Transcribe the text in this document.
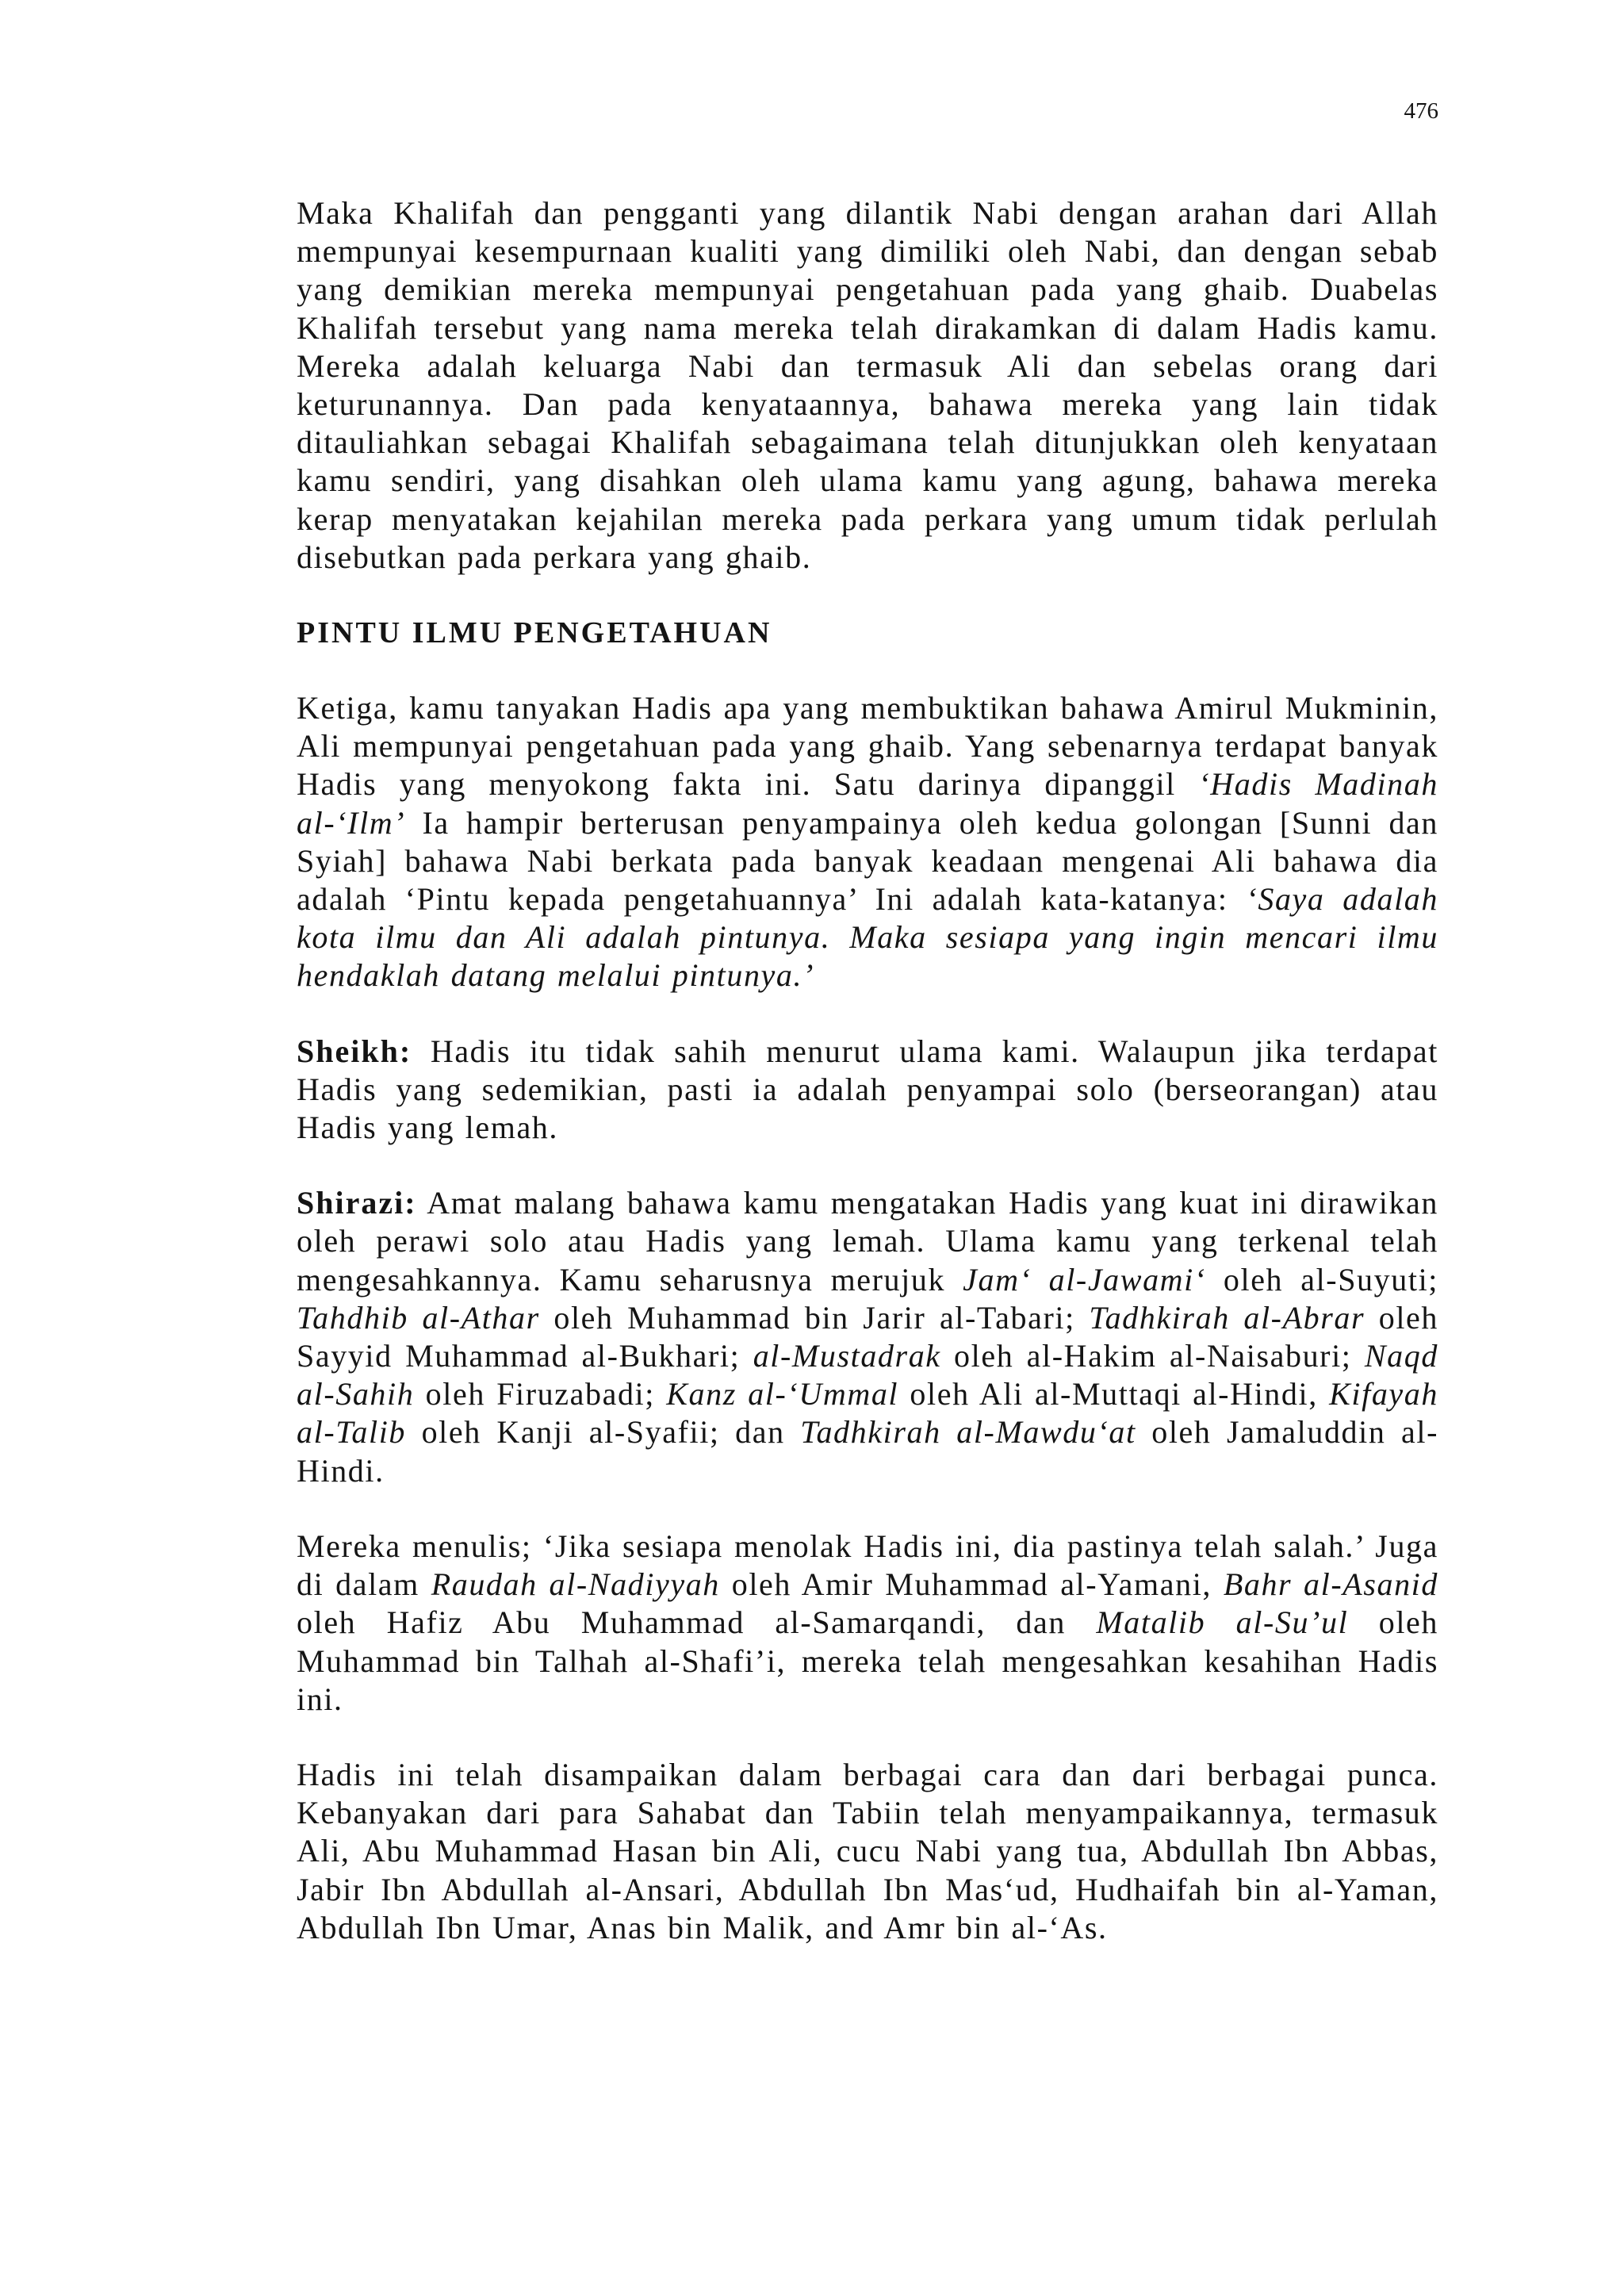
476

Maka Khalifah dan pengganti yang dilantik Nabi dengan arahan dari Allah mempunyai kesempurnaan kualiti yang dimiliki oleh Nabi, dan dengan sebab yang demikian mereka mempunyai pengetahuan pada yang ghaib. Duabelas Khalifah tersebut yang nama mereka telah dirakamkan di dalam Hadis kamu. Mereka adalah keluarga Nabi dan termasuk Ali dan sebelas orang dari keturunannya. Dan pada kenyataannya, bahawa mereka yang lain tidak ditauliahkan sebagai Khalifah sebagaimana telah ditunjukkan oleh kenyataan kamu sendiri, yang disahkan oleh ulama kamu yang agung, bahawa mereka kerap menyatakan kejahilan mereka pada perkara yang umum tidak perlulah disebutkan pada perkara yang ghaib.

PINTU ILMU PENGETAHUAN

Ketiga, kamu tanyakan Hadis apa yang membuktikan bahawa Amirul Mukminin, Ali mempunyai pengetahuan pada yang ghaib. Yang sebenarnya terdapat banyak Hadis yang menyokong fakta ini. Satu darinya dipanggil ‘Hadis Madinah al-‘Ilm’ Ia hampir berterusan penyampainya oleh kedua golongan [Sunni dan Syiah] bahawa Nabi berkata pada banyak keadaan mengenai Ali bahawa dia adalah ‘Pintu kepada pengetahuannya’ Ini adalah kata-katanya: ‘Saya adalah kota ilmu dan Ali adalah pintunya. Maka sesiapa yang ingin mencari ilmu hendaklah datang melalui pintunya.’

Sheikh: Hadis itu tidak sahih menurut ulama kami. Walaupun jika terdapat Hadis yang sedemikian, pasti ia adalah penyampai solo (berseorangan) atau Hadis yang lemah.

Shirazi: Amat malang bahawa kamu mengatakan Hadis yang kuat ini dirawikan oleh perawi solo atau Hadis yang lemah. Ulama kamu yang terkenal telah mengesahkannya. Kamu seharusnya merujuk Jam‘ al-Jawami‘ oleh al-Suyuti; Tahdhib al-Athar oleh Muhammad bin Jarir al-Tabari; Tadhkirah al-Abrar oleh Sayyid Muhammad al-Bukhari; al-Mustadrak oleh al-Hakim al-Naisaburi; Naqd al-Sahih oleh Firuzabadi; Kanz al-‘Ummal oleh Ali al-Muttaqi al-Hindi, Kifayah al-Talib oleh Kanji al-Syafii; dan Tadhkirah al-Mawdu‘at oleh Jamaluddin al-Hindi.

Mereka menulis; ‘Jika sesiapa menolak Hadis ini, dia pastinya telah salah.’ Juga di dalam Raudah al-Nadiyyah oleh Amir Muhammad al-Yamani, Bahr al-Asanid oleh Hafiz Abu Muhammad al-Samarqandi, dan Matalib al-Su’ul oleh Muhammad bin Talhah al-Shafi’i, mereka telah mengesahkan kesahihan Hadis ini.

Hadis ini telah disampaikan dalam berbagai cara dan dari berbagai punca. Kebanyakan dari para Sahabat dan Tabiin telah menyampaikannya, termasuk Ali, Abu Muhammad Hasan bin Ali, cucu Nabi yang tua, Abdullah Ibn Abbas, Jabir Ibn Abdullah al-Ansari, Abdullah Ibn Mas‘ud, Hudhaifah bin al-Yaman, Abdullah Ibn Umar, Anas bin Malik, and Amr bin al-‘As.
